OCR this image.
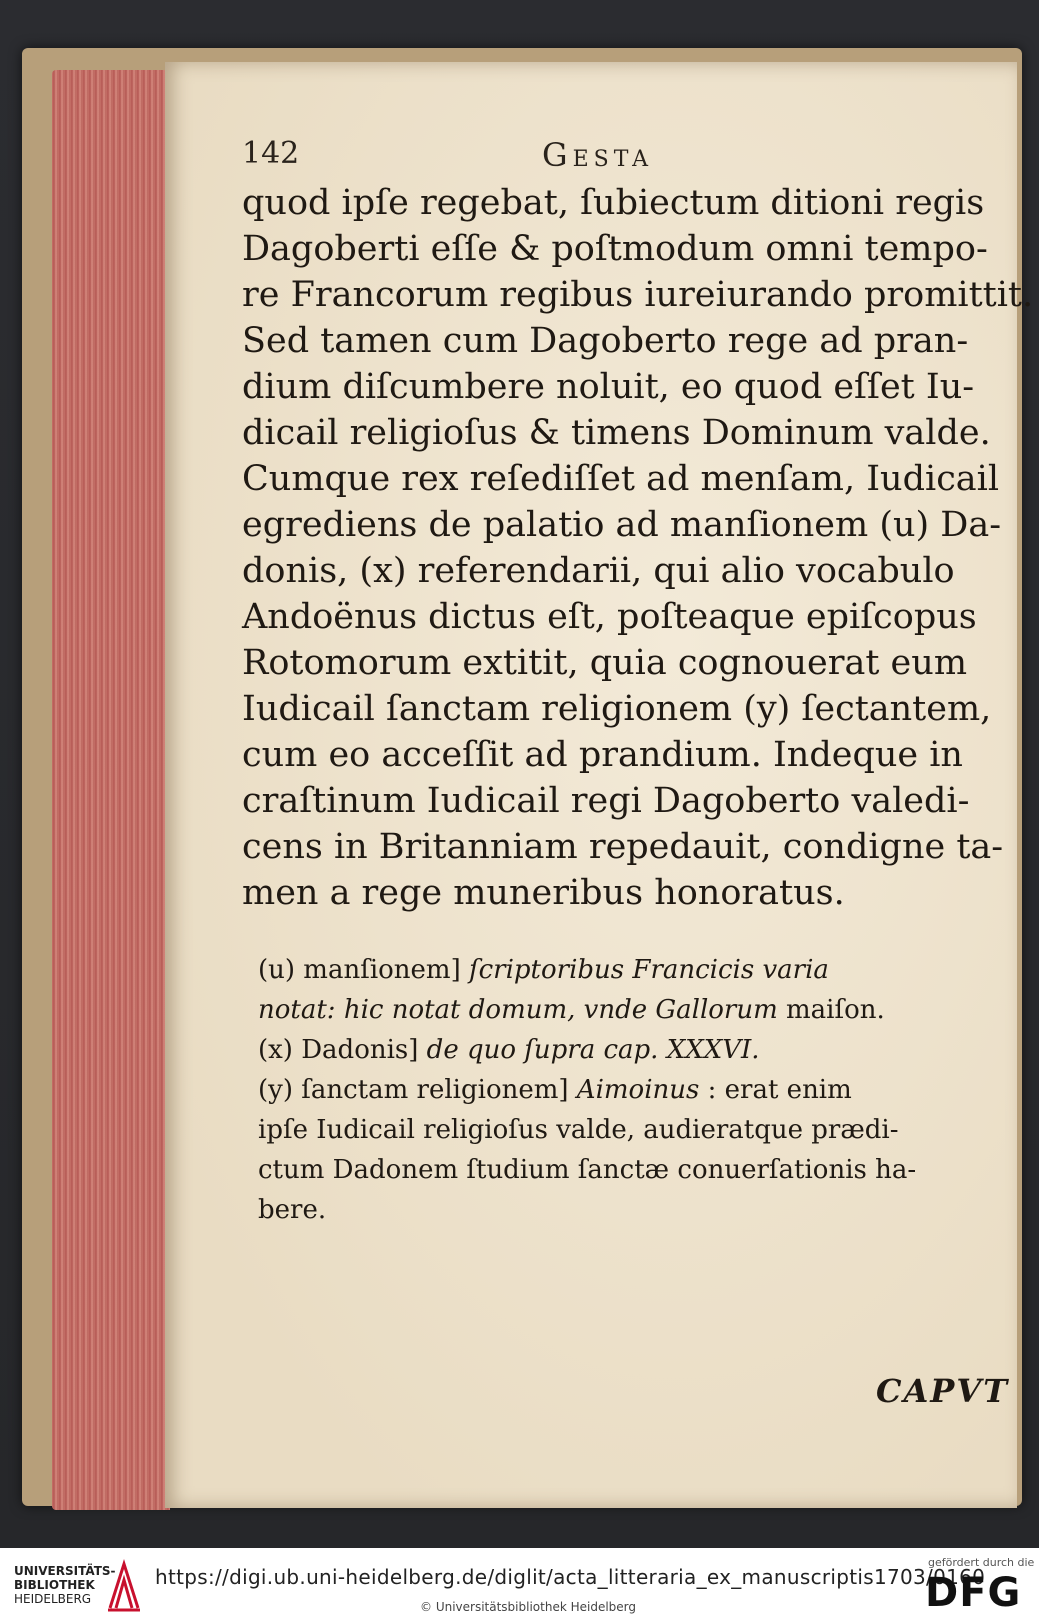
142	Gesta
quod ipſe regebat, ſubiectum ditioni regis
Dagoberti eſſe & poſtmodum omni tempo-
re Francorum regibus iureiurando promittit.
Sed tamen cum Dagoberto rege ad pran-
dium diſcumbere noluit, eo quod eſſet Iu-
dicail religioſus & timens Dominum valde.
Cumque rex reſediſſet ad menſam, Iudicail
egrediens de palatio ad manſionem (u) Da-
donis, (x) referendarii, qui alio vocabulo
Andoënus dictus eſt, poſteaque epiſcopus
Rotomorum extitit, quia cognouerat eum
Iudicail ſanctam religionem (y) ſectantem,
cum eo acceſſit ad prandium. Indeque in
craſtinum Iudicail regi Dagoberto valedi-
cens in Britanniam repedauit, condigne ta-
men a rege muneribus honoratus.
(u) manſionem] ſcriptoribus Francicis varia
notat: hic notat domum, vnde Gallorum maiſon.
(x) Dadonis] de quo ſupra cap. XXXVI.
(y) ſanctam religionem] Aimoinus : erat enim
ipſe Iudicail religioſus valde, audieratque prædi-
ctum Dadonem ſtudium ſanctæ conuerſationis ha-
bere.
CAPVT
UNIVERSITÄTS-
BIBLIOTHEK
HEIDELBERG
https://digi.ub.uni-heidelberg.de/diglit/acta_litteraria_ex_manuscriptis1703/0160
© Universitätsbibliothek Heidelberg
gefördert durch die
DFG
